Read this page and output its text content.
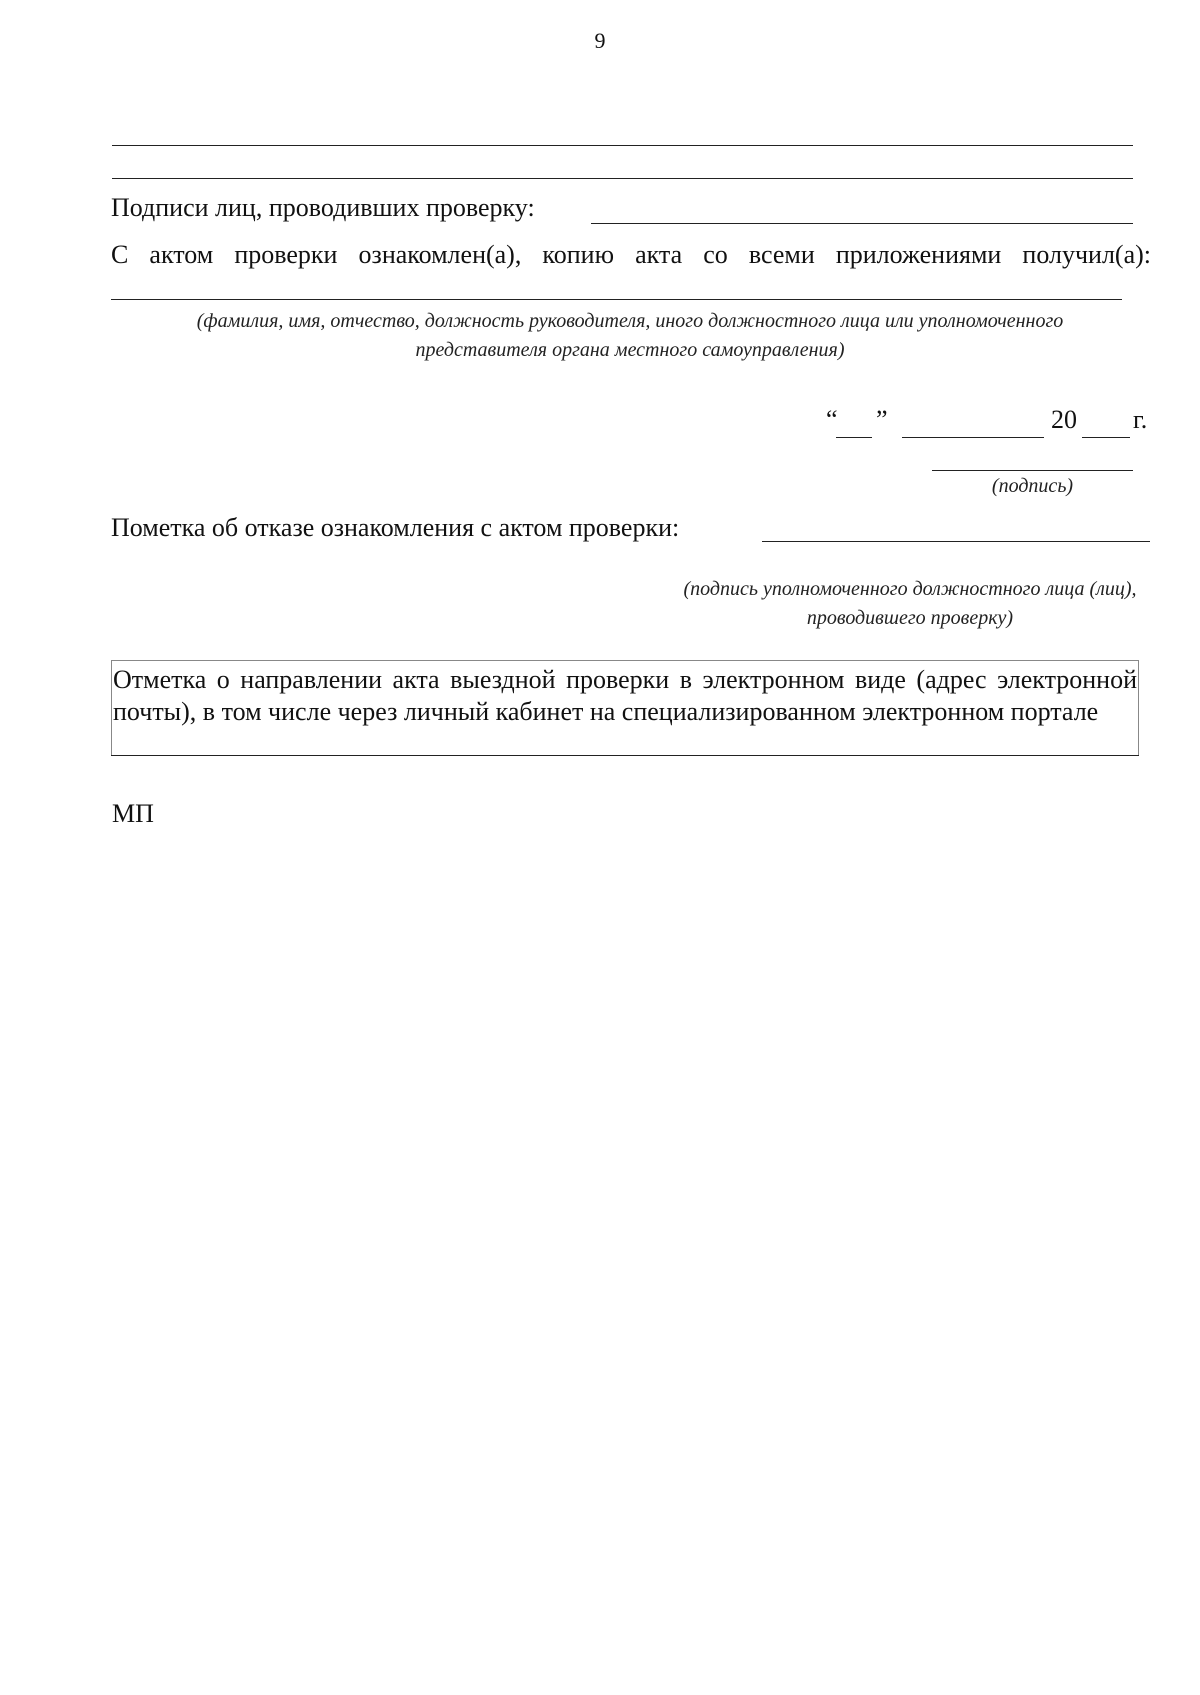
9
Подписи лиц, проводивших проверку:
С актом проверки ознакомлен(а), копию акта со всеми приложениями получил(а):
(фамилия, имя, отчество, должность руководителя, иного должностного лица или уполномоченного представителя органа местного самоуправления)
“ ”	20 г.
(подпись)
Пометка об отказе ознакомления с актом проверки:
(подпись уполномоченного должностного лица (лиц), проводившего проверку)
Отметка о направлении акта выездной проверки в электронном виде (адрес электронной почты), в том числе через личный кабинет на специализированном электронном портале
МП
